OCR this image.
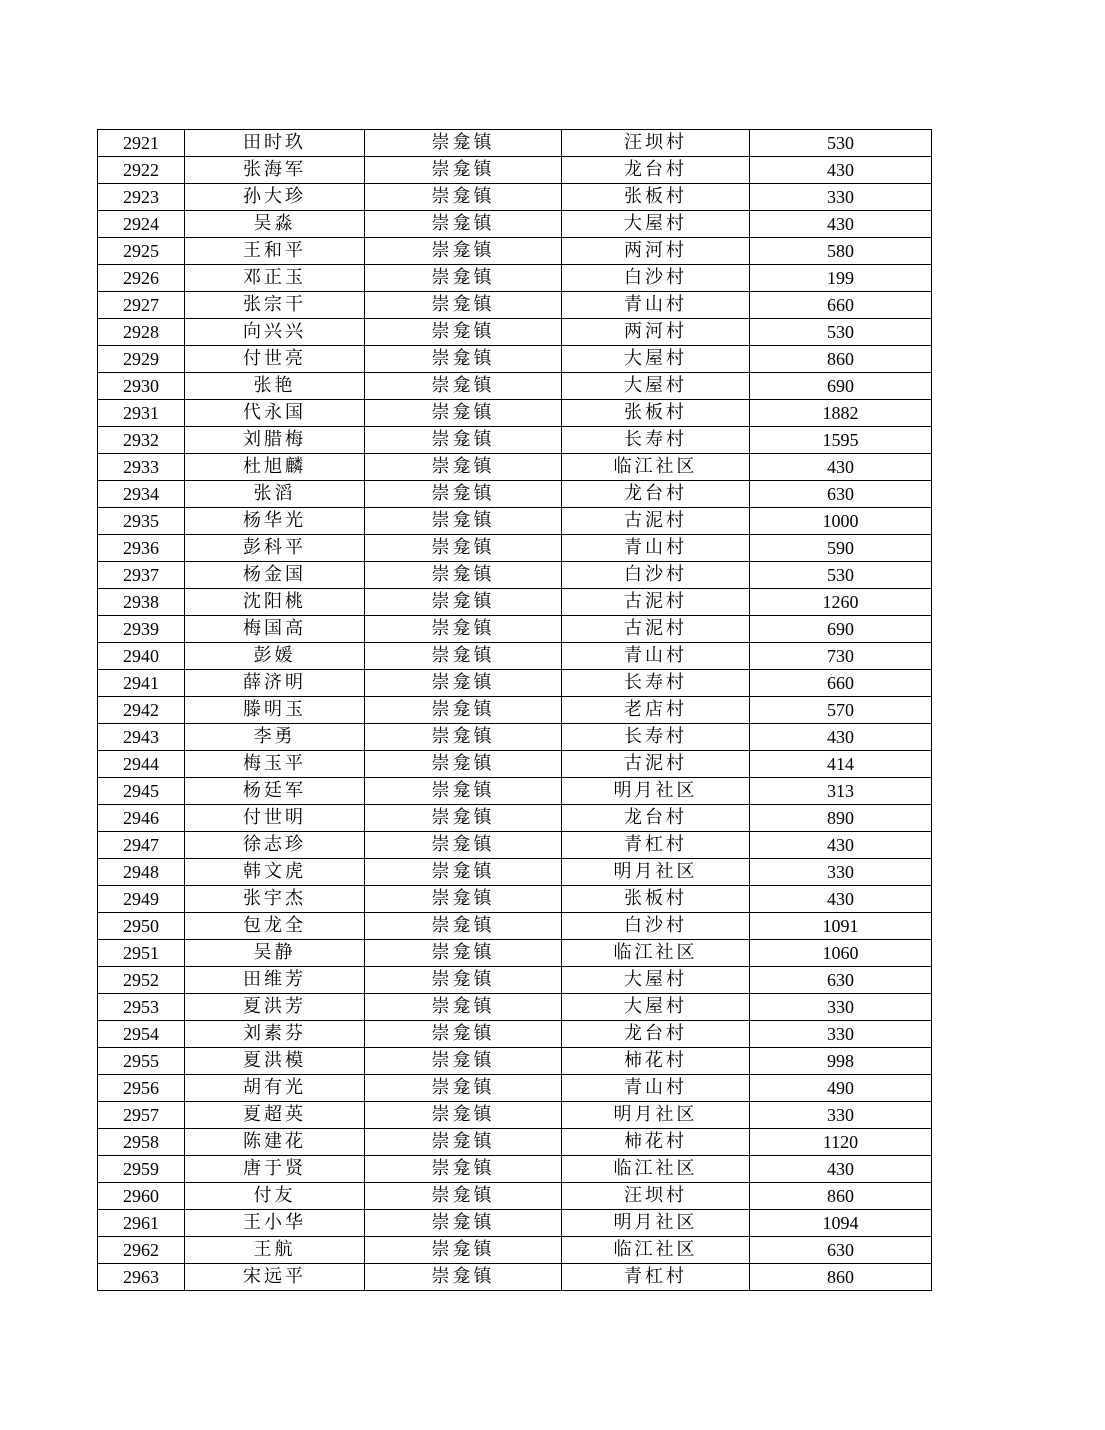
2921	田时玖	崇龛镇	汪坝村	530
2922	张海军	崇龛镇	龙台村	430
2923	孙大珍	崇龛镇	张板村	330
2924	吴淼	崇龛镇	大屋村	430
2925	王和平	崇龛镇	两河村	580
2926	邓正玉	崇龛镇	白沙村	199
2927	张宗干	崇龛镇	青山村	660
2928	向兴兴	崇龛镇	两河村	530
2929	付世亮	崇龛镇	大屋村	860
2930	张艳	崇龛镇	大屋村	690
2931	代永国	崇龛镇	张板村	1882
2932	刘腊梅	崇龛镇	长寿村	1595
2933	杜旭麟	崇龛镇	临江社区	430
2934	张滔	崇龛镇	龙台村	630
2935	杨华光	崇龛镇	古泥村	1000
2936	彭科平	崇龛镇	青山村	590
2937	杨金国	崇龛镇	白沙村	530
2938	沈阳桃	崇龛镇	古泥村	1260
2939	梅国高	崇龛镇	古泥村	690
2940	彭媛	崇龛镇	青山村	730
2941	薛济明	崇龛镇	长寿村	660
2942	滕明玉	崇龛镇	老店村	570
2943	李勇	崇龛镇	长寿村	430
2944	梅玉平	崇龛镇	古泥村	414
2945	杨廷军	崇龛镇	明月社区	313
2946	付世明	崇龛镇	龙台村	890
2947	徐志珍	崇龛镇	青杠村	430
2948	韩文虎	崇龛镇	明月社区	330
2949	张宇杰	崇龛镇	张板村	430
2950	包龙全	崇龛镇	白沙村	1091
2951	吴静	崇龛镇	临江社区	1060
2952	田维芳	崇龛镇	大屋村	630
2953	夏洪芳	崇龛镇	大屋村	330
2954	刘素芬	崇龛镇	龙台村	330
2955	夏洪模	崇龛镇	柿花村	998
2956	胡有光	崇龛镇	青山村	490
2957	夏超英	崇龛镇	明月社区	330
2958	陈建花	崇龛镇	柿花村	1120
2959	唐于贤	崇龛镇	临江社区	430
2960	付友	崇龛镇	汪坝村	860
2961	王小华	崇龛镇	明月社区	1094
2962	王航	崇龛镇	临江社区	630
2963	宋远平	崇龛镇	青杠村	860
